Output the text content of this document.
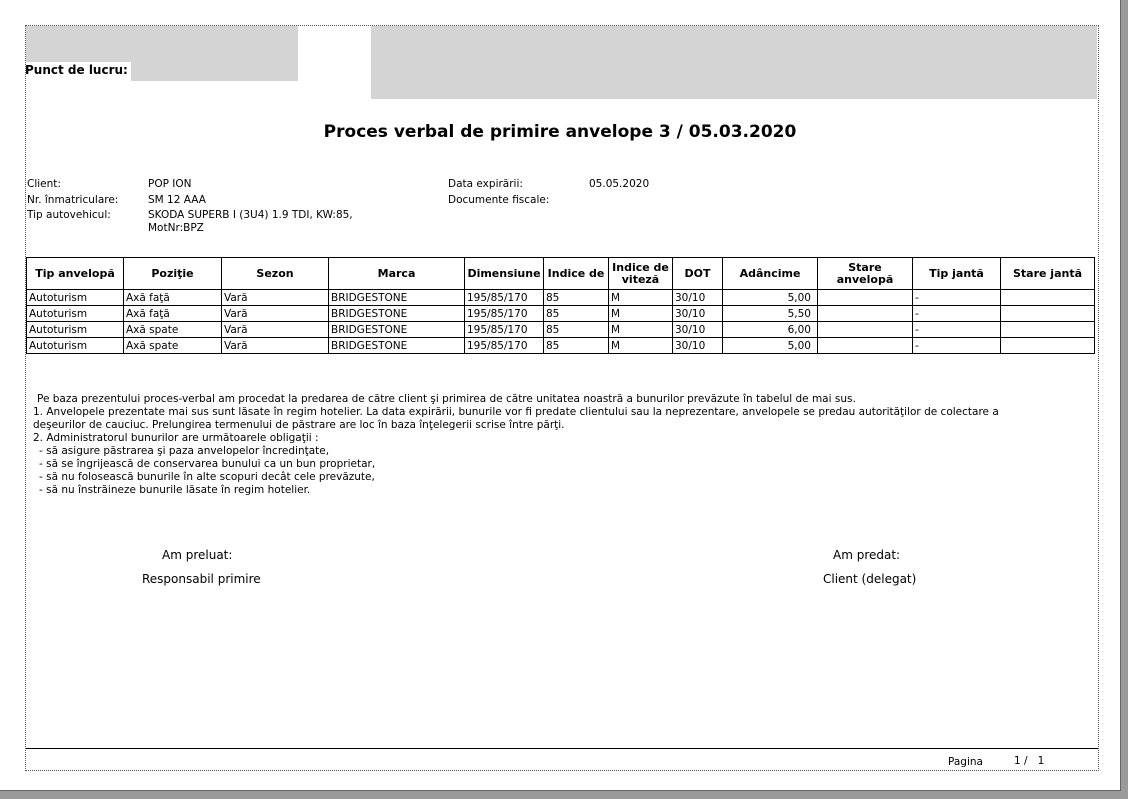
Punct de lucru:
Proces verbal de primire anvelope 3 / 05.03.2020
Client:	POP ION
Nr. înmatriculare:	SM 12 AAA
Tip autovehicul:	SKODA SUPERB I (3U4) 1.9 TDI, KW:85,
MotNr:BPZ
Data expirării:	05.05.2020
Documente fiscale:
Tip anvelopă	Poziţie	Sezon	Marca	Dimensiune	Indice de	Indice de viteză	DOT	Adâncime	Stare anvelopă	Tip jantă	Stare jantă
Autoturism	Axă faţă	Vară	BRIDGESTONE	195/85/170	85	M	30/10	5,00		-	
Autoturism	Axă faţă	Vară	BRIDGESTONE	195/85/170	85	M	30/10	5,50		-	
Autoturism	Axă spate	Vară	BRIDGESTONE	195/85/170	85	M	30/10	6,00		-	
Autoturism	Axă spate	Vară	BRIDGESTONE	195/85/170	85	M	30/10	5,00		-	
Pe baza prezentului proces-verbal am procedat la predarea de către client şi primirea de către unitatea noastră a bunurilor prevăzute în tabelul de mai sus.
1. Anvelopele prezentate mai sus sunt lăsate în regim hotelier. La data expirării, bunurile vor fi predate clientului sau la neprezentare, anvelopele se predau autorităţilor de colectare a
deşeurilor de cauciuc. Prelungirea termenului de păstrare are loc în baza înţelegerii scrise între părţi.
2. Administratorul bunurilor are următoarele obligaţii :
- să asigure păstrarea şi paza anvelopelor încredinţate,
- să se îngrijească de conservarea bunului ca un bun proprietar,
- să nu folosească bunurile în alte scopuri decât cele prevăzute,
- să nu înstrăineze bunurile lăsate în regim hotelier.
Am preluat:
Responsabil primire
Am predat:
Client (delegat)
Pagina	1 /   1
